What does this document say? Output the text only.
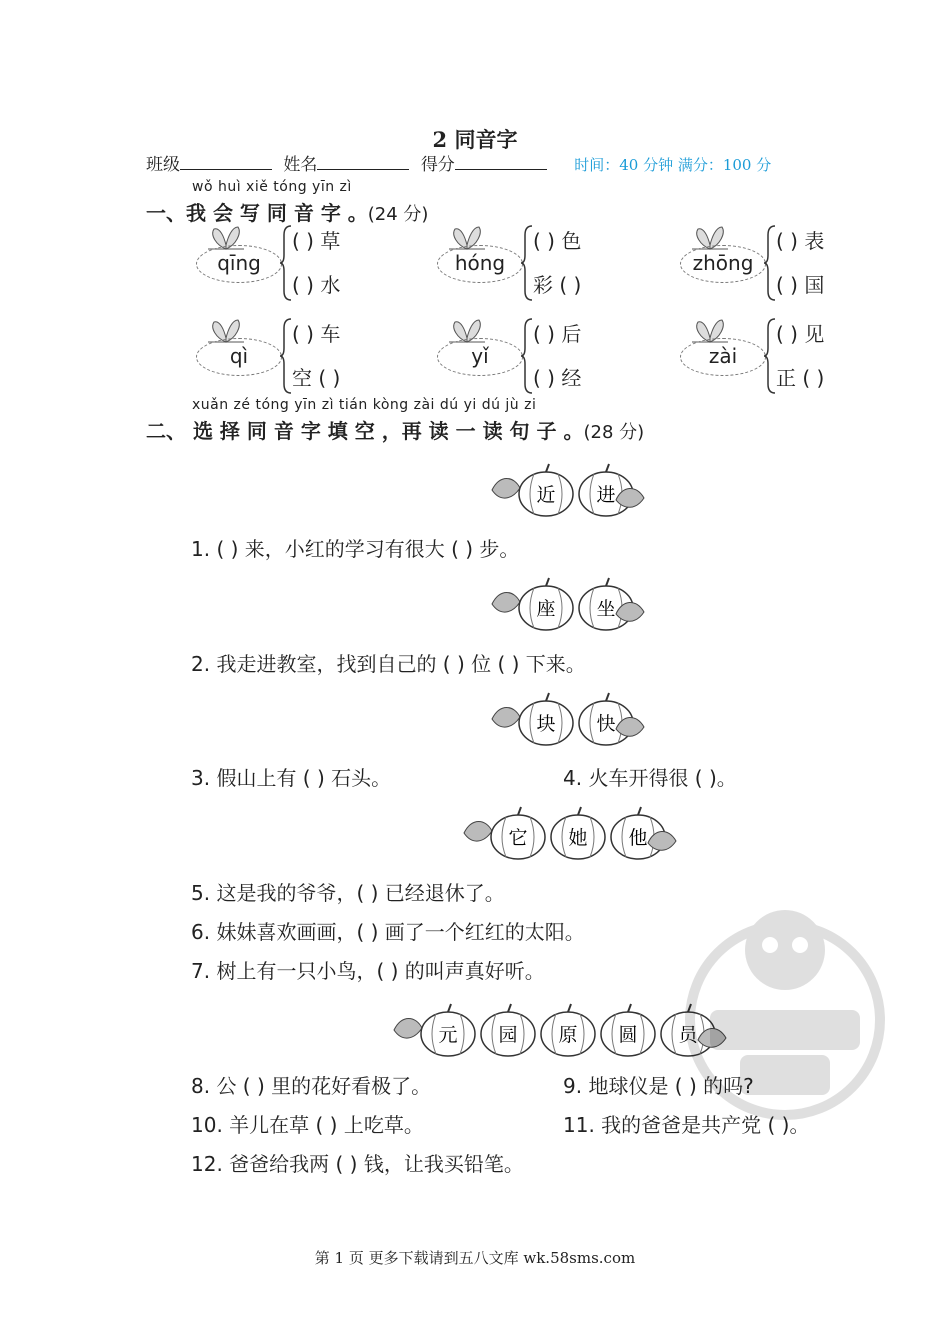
2 同音字
班级	姓名	得分	时间：40 分钟 满分：100 分
wǒ huì xiě tóng yīn zì
一、我 会 写 同 音 字 。(24 分)
qīng
( ) 草
( ) 水
hóng
( ) 色
彩 ( )
zhōng
( ) 表
( ) 国
qì
( ) 车
空 ( )
yǐ
( ) 后
( ) 经
zài
( ) 见
正 ( )
xuǎn zé tóng yīn zì tián kòng zài dú yi dú jù zi
二、 选 择 同 音 字 填 空 ，再 读 一 读 句 子 。(28 分)
近 进
座 坐
块 快
它 她 他
元 园 原 圆 员
1. ( ) 来，小红的学习有很大 ( ) 步。
2. 我走进教室，找到自己的 ( ) 位 ( ) 下来。
3. 假山上有 ( ) 石头。	4. 火车开得很 ( )。
5. 这是我的爷爷，( ) 已经退休了。
6. 妹妹喜欢画画，( ) 画了一个红红的太阳。
7. 树上有一只小鸟，( ) 的叫声真好听。
8. 公 ( ) 里的花好看极了。	9. 地球仪是 ( ) 的吗?
10. 羊儿在草 ( ) 上吃草。	11. 我的爸爸是共产党 ( )。
12. 爸爸给我两 ( ) 钱，让我买铅笔。
第 1 页 更多下载请到五八文库 wk.58sms.com
